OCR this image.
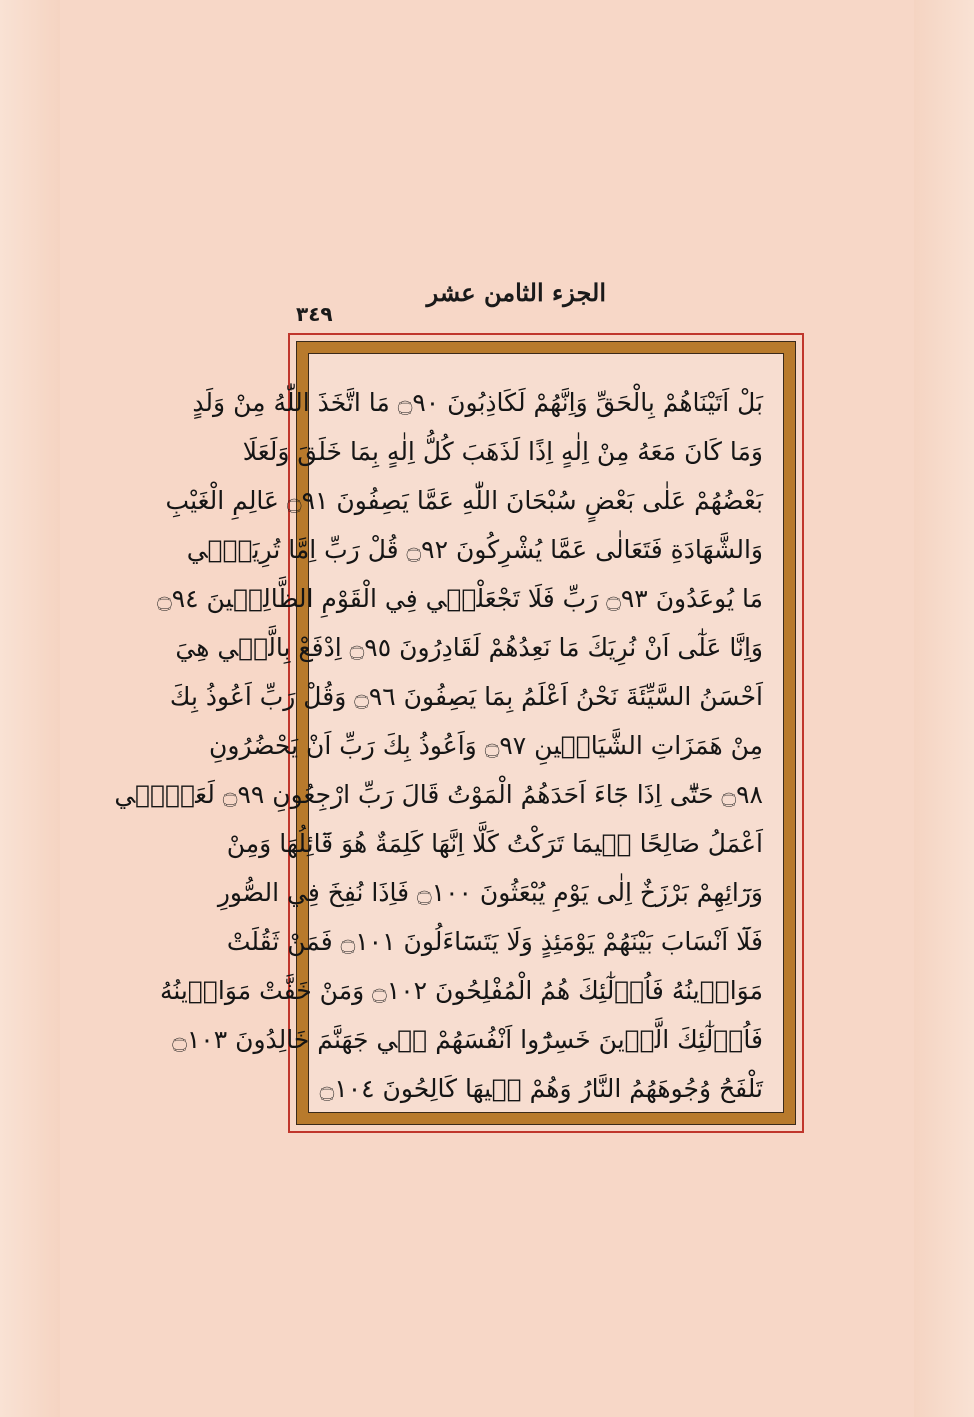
الجزء الثامن عشر
٣٤٩
بَلْ اَتَيْنَاهُمْ بِالْحَقِّ وَاِنَّهُمْ لَكَاذِبُونَ ۝٩٠ مَا اتَّخَذَ اللّٰهُ مِنْ وَلَدٍ
وَمَا كَانَ مَعَهُ مِنْ اِلٰهٍ اِذًا لَذَهَبَ كُلُّ اِلٰهٍ بِمَا خَلَقَ وَلَعَلَا
بَعْضُهُمْ عَلٰى بَعْضٍ سُبْحَانَ اللّٰهِ عَمَّا يَصِفُونَ ۝٩١ عَالِمِ الْغَيْبِ
وَالشَّهَادَةِ فَتَعَالٰى عَمَّا يُشْرِكُونَ ۝٩٢ قُلْ رَبِّ اِمَّا تُرِيَنّٖي
مَا يُوعَدُونَ ۝٩٣ رَبِّ فَلَا تَجْعَلْن۪ي فِي الْقَوْمِ الظَّالِم۪ينَ ۝٩٤
وَاِنَّا عَلٰٓى اَنْ نُرِيَكَ مَا نَعِدُهُمْ لَقَادِرُونَ ۝٩٥ اِدْفَعْ بِالَّت۪ي هِيَ
اَحْسَنُ السَّيِّئَةَ نَحْنُ اَعْلَمُ بِمَا يَصِفُونَ ۝٩٦ وَقُلْ رَبِّ اَعُوذُ بِكَ
مِنْ هَمَزَاتِ الشَّيَاط۪ينِ ۝٩٧ وَاَعُوذُ بِكَ رَبِّ اَنْ يَحْضُرُونِ
۝٩٨ حَتّٰٓى اِذَا جَٓاءَ اَحَدَهُمُ الْمَوْتُ قَالَ رَبِّ ارْجِعُونِ ۝٩٩ لَعَلّ۪ٓي
اَعْمَلُ صَالِحًا ف۪يمَا تَرَكْتُ كَلَّا اِنَّهَا كَلِمَةٌ هُوَ قَٓائِلُهَا وَمِنْ
وَرَٓائِهِمْ بَرْزَخٌ اِلٰى يَوْمِ يُبْعَثُونَ ۝١٠٠ فَاِذَا نُفِخَ فِي الصُّورِ
فَلَٓا اَنْسَابَ بَيْنَهُمْ يَوْمَئِذٍ وَلَا يَتَسَٓاءَلُونَ ۝١٠١ فَمَنْ ثَقُلَتْ
مَوَاز۪ينُهُ فَاُو۬لٰٓئِكَ هُمُ الْمُفْلِحُونَ ۝١٠٢ وَمَنْ خَفَّتْ مَوَاز۪ينُهُ
فَاُو۬لٰٓئِكَ الَّذ۪ينَ خَسِرُٓوا اَنْفُسَهُمْ ف۪ي جَهَنَّمَ خَالِدُونَ ۝١٠٣
تَلْفَحُ وُجُوهَهُمُ النَّارُ وَهُمْ ف۪يهَا كَالِحُونَ ۝١٠٤
